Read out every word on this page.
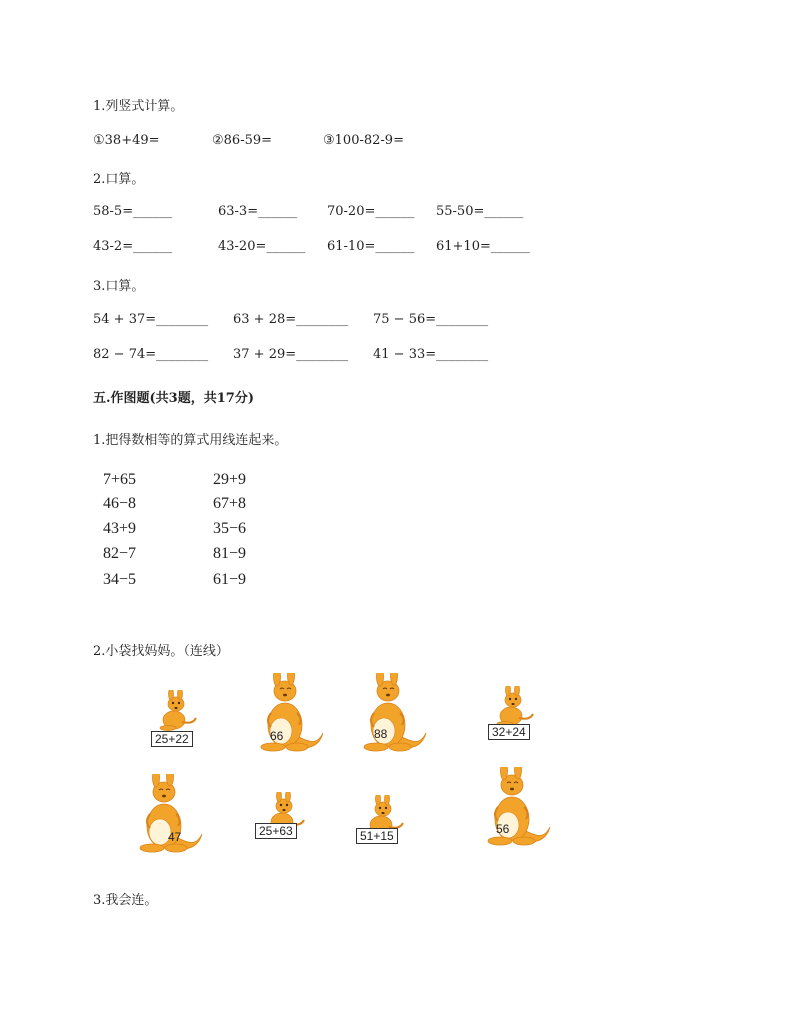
1.列竖式计算。
①38+49=	②86-59=	③100-82-9=
2.口算。
58-5=______	63-3=______ 70-20=______ 55-50=______
43-2=______	43-20=______ 61-10=______ 61+10=______
3.口算。
54 + 37=________ 63 + 28=________ 75 − 56=________
82 − 74=________ 37 + 29=________ 41 − 33=________
五.作图题(共3题，共17分)
1.把得数相等的算式用线连起来。
7+65
46−8
43+9
82−7
34−5
29+9
67+8
35−6
81−9
61−9
2.小袋找妈妈。（连线）
25+22	66	88	32+24
47	25+63	51+15	56
3.我会连。
